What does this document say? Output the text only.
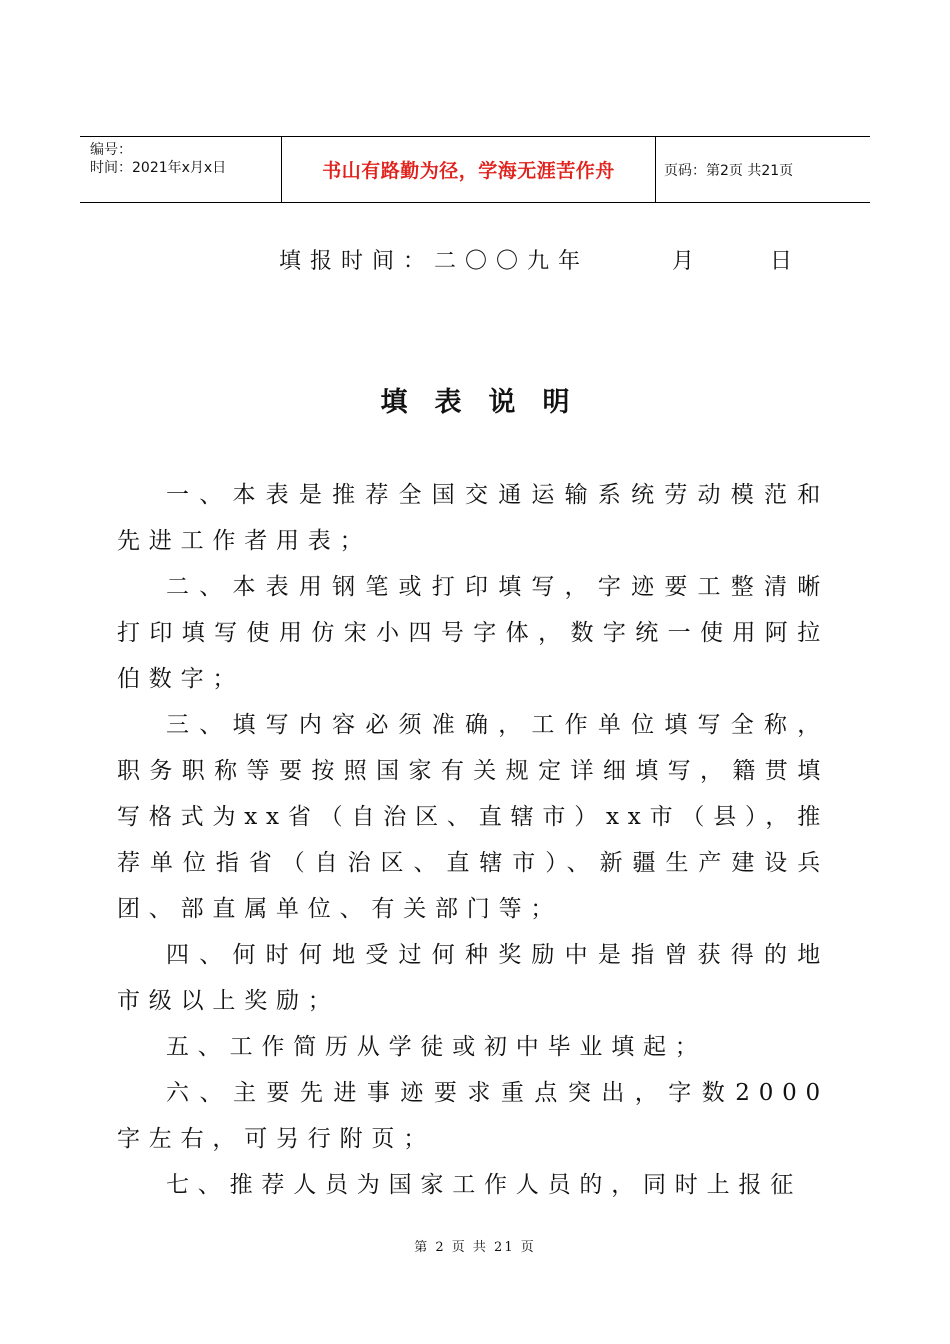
编号：
时间：2021年x月x日	书山有路勤为径，学海无涯苦作舟	页码：第2页 共21页
填报时间：二〇〇九年	月	日
填表说明

一、本表是推荐全国交通运输系统劳动模范和先进工作者用表；

二、本表用钢笔或打印填写，字迹要工整清晰打印填写使用仿宋小四号字体，数字统一使用阿拉伯数字；

三、填写内容必须准确，工作单位填写全称，职务职称等要按照国家有关规定详细填写，籍贯填写格式为xx省（自治区、直辖市）xx市（县），推荐单位指省（自治区、直辖市）、新疆生产建设兵团、部直属单位、有关部门等；

四、何时何地受过何种奖励中是指曾获得的地市级以上奖励；

五、工作简历从学徒或初中毕业填起；

六、主要先进事迹要求重点突出，字数2000字左右，可另行附页；

七、推荐人员为国家工作人员的，同时上报征

第 2 页 共 21 页
